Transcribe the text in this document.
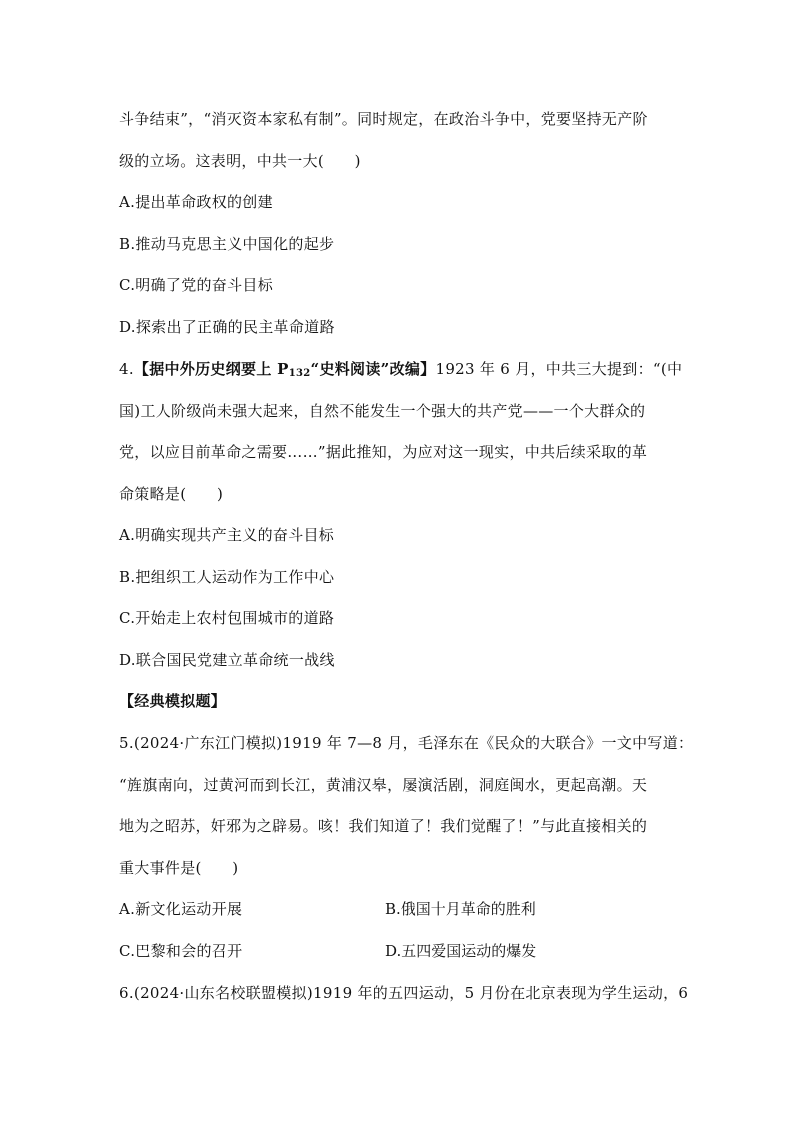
斗争结束”，“消灭资本家私有制”。同时规定，在政治斗争中，党要坚持无产阶
级的立场。这表明，中共一大(　　)
A.提出革命政权的创建
B.推动马克思主义中国化的起步
C.明确了党的奋斗目标
D.探索出了正确的民主革命道路
4.【据中外历史纲要上 $P_{132}“$史料阅读”改编】1923 年 6 月，中共三大提到：“(中
国)工人阶级尚未强大起来，自然不能发生一个强大的共产党——一个大群众的
党，以应目前革命之需要……”据此推知，为应对这一现实，中共后续采取的革
命策略是(　　)
A.明确实现共产主义的奋斗目标
B.把组织工人运动作为工作中心
C.开始走上农村包围城市的道路
D.联合国民党建立革命统一战线
【经典模拟题】
5.(2024·广东江门模拟)1919 年 7—8 月，毛泽东在《民众的大联合》一文中写道：
“旌旗南向，过黄河而到长江，黄浦汉皋，屡演活剧，洞庭闽水，更起高潮。天
地为之昭苏，奸邪为之辟易。咳！我们知道了！我们觉醒了！”与此直接相关的
重大事件是(　　)
A.新文化运动开展	B.俄国十月革命的胜利
C.巴黎和会的召开	D.五四爱国运动的爆发
6.(2024·山东名校联盟模拟)1919 年的五四运动，5 月份在北京表现为学生运动，6
